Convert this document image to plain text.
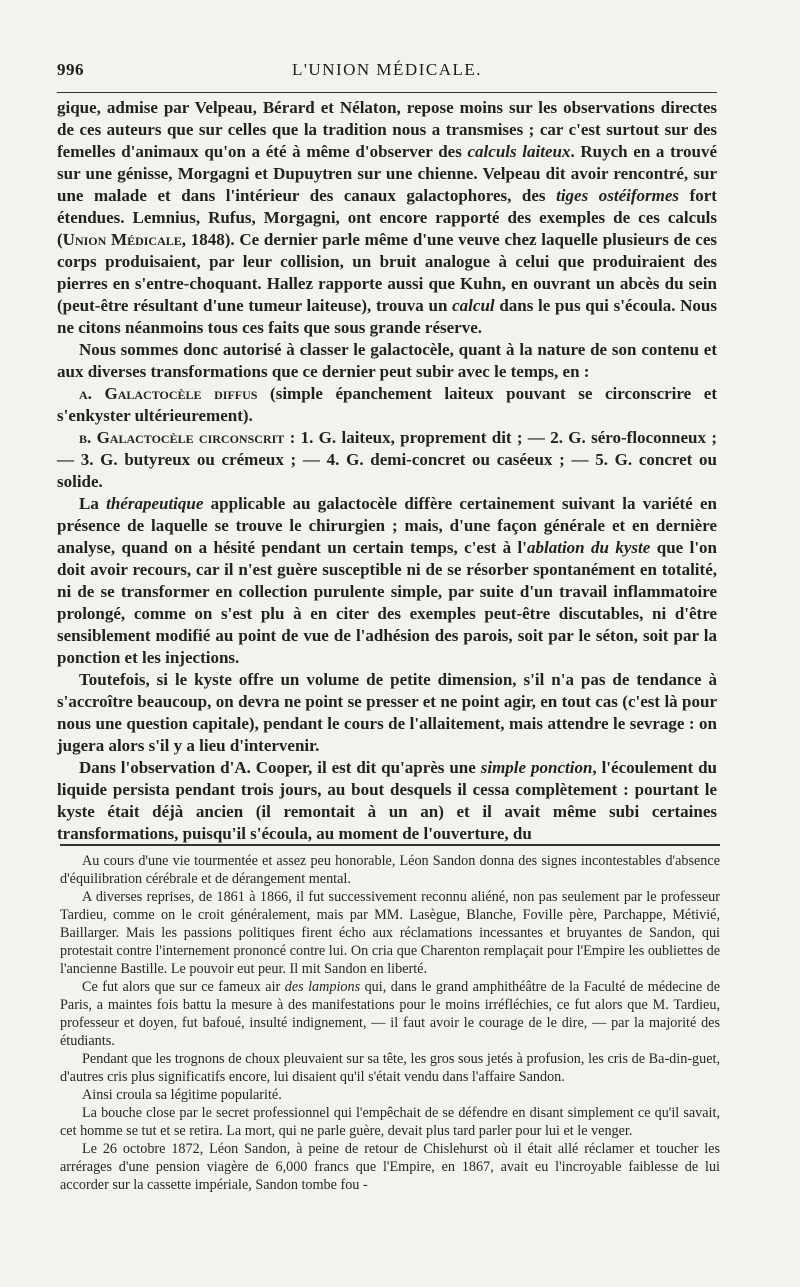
996	L'UNION MÉDICALE.

gique, admise par Velpeau, Bérard et Nélaton, repose moins sur les observations directes de ces auteurs que sur celles que la tradition nous a transmises ; car c'est surtout sur des femelles d'animaux qu'on a été à même d'observer des calculs laiteux. Ruych en a trouvé sur une génisse, Morgagni et Dupuytren sur une chienne. Velpeau dit avoir rencontré, sur une malade et dans l'intérieur des canaux galactophores, des tiges ostéiformes fort étendues. Lemnius, Rufus, Morgagni, ont encore rapporté des exemples de ces calculs (Union Médicale, 1848). Ce dernier parle même d'une veuve chez laquelle plusieurs de ces corps produisaient, par leur collision, un bruit analogue à celui que produiraient des pierres en s'entre-choquant. Hallez rapporte aussi que Kuhn, en ouvrant un abcès du sein (peut-être résultant d'une tumeur laiteuse), trouva un calcul dans le pus qui s'écoula. Nous ne citons néanmoins tous ces faits que sous grande réserve.

Nous sommes donc autorisé à classer le galactocèle, quant à la nature de son contenu et aux diverses transformations que ce dernier peut subir avec le temps, en :

a. Galactocèle diffus (simple épanchement laiteux pouvant se circonscrire et s'enkyster ultérieurement).

b. Galactocèle circonscrit : 1. G. laiteux, proprement dit ; — 2. G. séro-floconneux ; — 3. G. butyreux ou crémeux ; — 4. G. demi-concret ou caséeux ; — 5. G. concret ou solide.

La thérapeutique applicable au galactocèle diffère certainement suivant la variété en présence de laquelle se trouve le chirurgien ; mais, d'une façon générale et en dernière analyse, quand on a hésité pendant un certain temps, c'est à l'ablation du kyste que l'on doit avoir recours, car il n'est guère susceptible ni de se résorber spontanément en totalité, ni de se transformer en collection purulente simple, par suite d'un travail inflammatoire prolongé, comme on s'est plu à en citer des exemples peut-être discutables, ni d'être sensiblement modifié au point de vue de l'adhésion des parois, soit par le séton, soit par la ponction et les injections.

Toutefois, si le kyste offre un volume de petite dimension, s'il n'a pas de tendance à s'accroître beaucoup, on devra ne point se presser et ne point agir, en tout cas (c'est là pour nous une question capitale), pendant le cours de l'allaitement, mais attendre le sevrage : on jugera alors s'il y a lieu d'intervenir.

Dans l'observation d'A. Cooper, il est dit qu'après une simple ponction, l'écoulement du liquide persista pendant trois jours, au bout desquels il cessa complètement : pourtant le kyste était déjà ancien (il remontait à un an) et il avait même subi certaines transformations, puisqu'il s'écoula, au moment de l'ouverture, du

Au cours d'une vie tourmentée et assez peu honorable, Léon Sandon donna des signes incontestables d'absence d'équilibration cérébrale et de dérangement mental.

A diverses reprises, de 1861 à 1866, il fut successivement reconnu aliéné, non pas seulement par le professeur Tardieu, comme on le croit généralement, mais par MM. Lasègue, Blanche, Foville père, Parchappe, Métivié, Baillarger. Mais les passions politiques firent écho aux réclamations incessantes et bruyantes de Sandon, qui protestait contre l'internement prononcé contre lui. On cria que Charenton remplaçait pour l'Empire les oubliettes de l'ancienne Bastille. Le pouvoir eut peur. Il mit Sandon en liberté.

Ce fut alors que sur ce fameux air des lampions qui, dans le grand amphithéâtre de la Faculté de médecine de Paris, a maintes fois battu la mesure à des manifestations pour le moins irréfléchies, ce fut alors que M. Tardieu, professeur et doyen, fut bafoué, insulté indignement, — il faut avoir le courage de le dire, — par la majorité des étudiants.

Pendant que les trognons de choux pleuvaient sur sa tête, les gros sous jetés à profusion, les cris de Ba-din-guet, d'autres cris plus significatifs encore, lui disaient qu'il s'était vendu dans l'affaire Sandon.

Ainsi croula sa légitime popularité.

La bouche close par le secret professionnel qui l'empêchait de se défendre en disant simplement ce qu'il savait, cet homme se tut et se retira. La mort, qui ne parle guère, devait plus tard parler pour lui et le venger.

Le 26 octobre 1872, Léon Sandon, à peine de retour de Chislehurst où il était allé réclamer et toucher les arrérages d'une pension viagère de 6,000 francs que l'Empire, en 1867, avait eu l'incroyable faiblesse de lui accorder sur la cassette impériale, Sandon tombe fou -
